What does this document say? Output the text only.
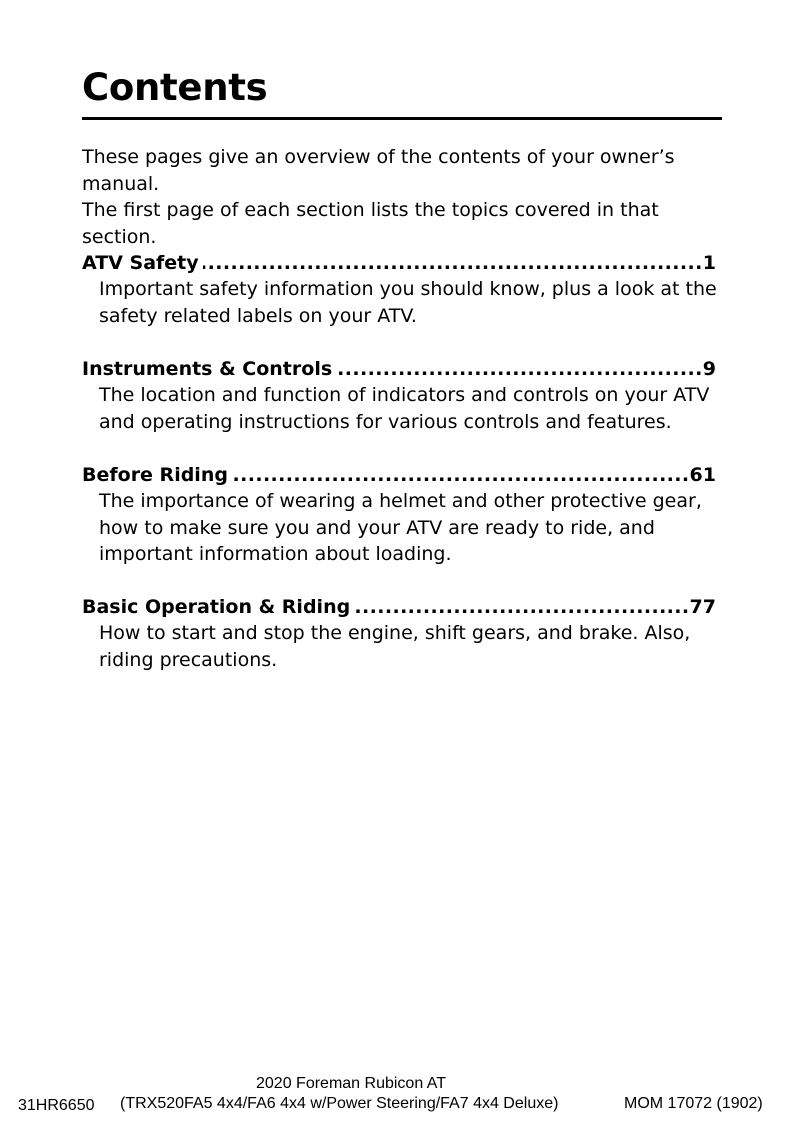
Contents

These pages give an overview of the contents of your owner’s manual.

The first page of each section lists the topics covered in that section.

ATV Safety .....	1
Important safety information you should know, plus a look at the safety related labels on your ATV.
Instruments & Controls .....	9
The location and function of indicators and controls on your ATV and operating instructions for various controls and features.
Before Riding .....	61
The importance of wearing a helmet and other protective gear, how to make sure you and your ATV are ready to ride, and important information about loading.
Basic Operation & Riding .....	77
How to start and stop the engine, shift gears, and brake. Also, riding precautions.
2020 Foreman Rubicon AT
31HR6650 (TRX520FA5 4x4/FA6 4x4 w/Power Steering/FA7 4x4 Deluxe)	MOM 17072 (1902)
